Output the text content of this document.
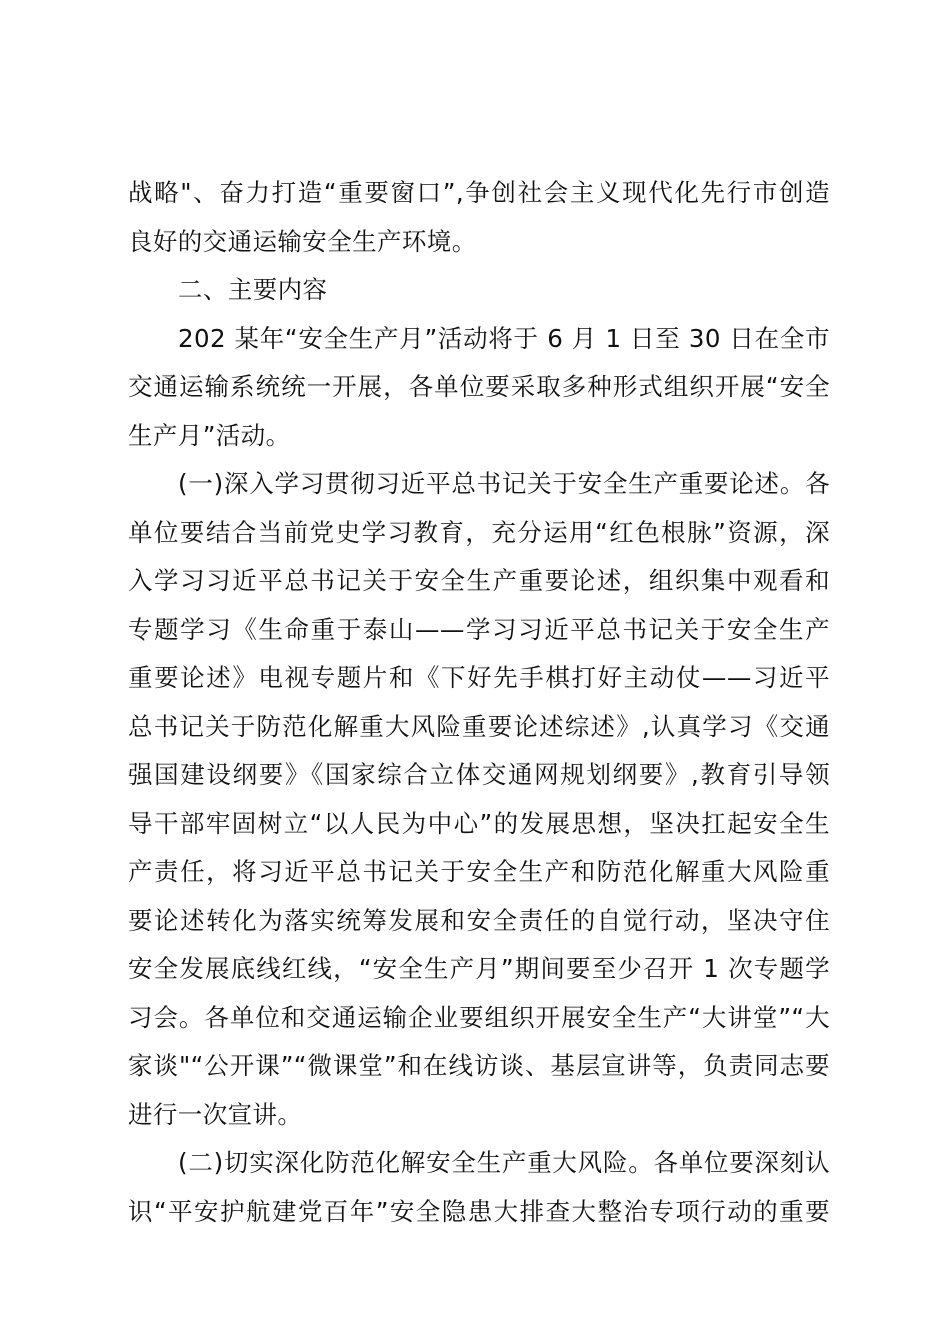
战略"、奋力打造“重要窗口”,争创社会主义现代化先行市创造
良好的交通运输安全生产环境。
二、主要内容
202 某年“安全生产月”活动将于 6 月 1 日至 30 日在全市
交通运输系统统一开展，各单位要采取多种形式组织开展“安全
生产月”活动。
(一)深入学习贯彻习近平总书记关于安全生产重要论述。各
单位要结合当前党史学习教育，充分运用“红色根脉”资源，深
入学习习近平总书记关于安全生产重要论述，组织集中观看和
专题学习《生命重于泰山——学习习近平总书记关于安全生产
重要论述》电视专题片和《下好先手棋打好主动仗——习近平
总书记关于防范化解重大风险重要论述综述》,认真学习《交通
强国建设纲要》《国家综合立体交通网规划纲要》,教育引导领
导干部牢固树立“以人民为中心”的发展思想，坚决扛起安全生
产责任，将习近平总书记关于安全生产和防范化解重大风险重
要论述转化为落实统筹发展和安全责任的自觉行动，坚决守住
安全发展底线红线，“安全生产月”期间要至少召开 1 次专题学
习会。各单位和交通运输企业要组织开展安全生产“大讲堂”“大
家谈"“公开课”“微课堂”和在线访谈、基层宣讲等，负责同志要
进行一次宣讲。
(二)切实深化防范化解安全生产重大风险。各单位要深刻认
识“平安护航建党百年”安全隐患大排查大整治专项行动的重要
